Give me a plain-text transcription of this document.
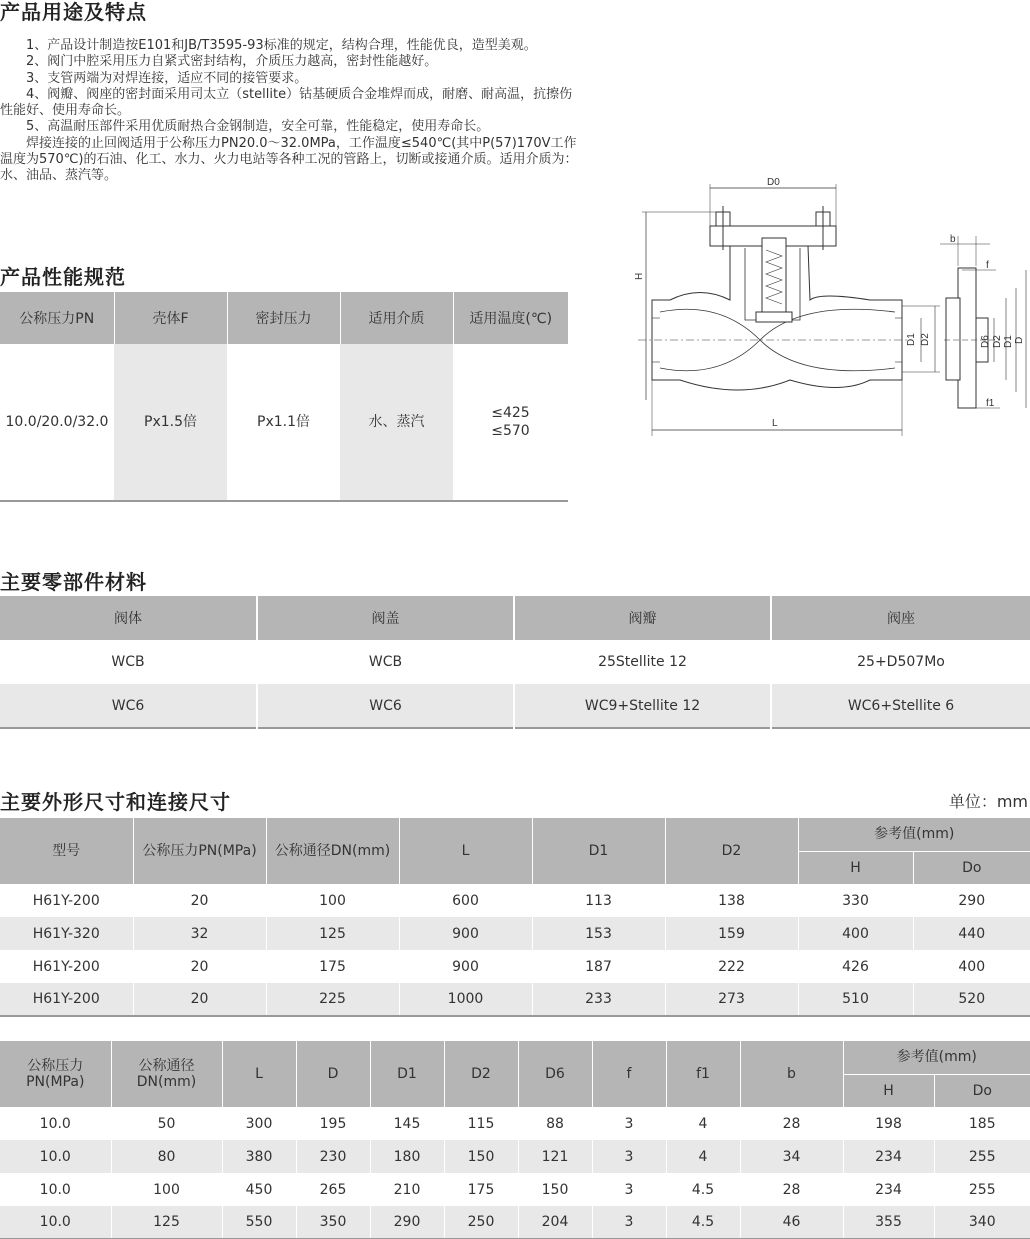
产品用途及特点

　　1、产品设计制造按E101和JB/T3595-93标准的规定，结构合理，性能优良，造型美观。

　　2、阀门中腔采用压力自紧式密封结构，介质压力越高，密封性能越好。

　　3、支管两端为对焊连接，适应不同的接管要求。

　　4、阀瓣、阀座的密封面采用司太立（stellite）钴基硬质合金堆焊而成，耐磨、耐高温，抗擦伤性能好、使用寿命长。

　　5、高温耐压部件采用优质耐热合金钢制造，安全可靠，性能稳定，使用寿命长。

　　焊接连接的止回阀适用于公称压力PN20.0～32.0MPa，工作温度≤540℃(其中P(57)170V工作温度为570℃)的石油、化工、水力、火力电站等各种工况的管路上，切断或接通介质。适用介质为：水、油品、蒸汽等。

产品性能规范
公称压力PN	壳体F	密封压力	适用介质	适用温度(℃)
10.0/20.0/32.0	Px1.5倍	Px1.1倍	水、蒸汽	≤425
≤570
D0
H
D1 D2
L
b
f
f1
D6 D2 D1 D
主要零部件材料
阀体	阀盖	阀瓣	阀座
WCB	WCB	25Stellite 12	25+D507Mo
WC6	WC6	WC9+Stellite 12	WC6+Stellite 6
主要外形尺寸和连接尺寸	单位：mm
型号	公称压力PN(MPa)	公称通径DN(mm)	L	D1	D2	参考值(mm)	
						H	Do
H61Y-200	20	100	600	113	138	330	290
H61Y-320	32	125	900	153	159	400	440
H61Y-200	20	175	900	187	222	426	400
H61Y-200	20	225	1000	233	273	510	520
公称压力PN(MPa)	公称通径DN(mm)	L	D	D1	D2	D6	f	f1	b	参考值(mm)	
										H	Do
10.0	50	300	195	145	115	88	3	4	28	198	185
10.0	80	380	230	180	150	121	3	4	34	234	255
10.0	100	450	265	210	175	150	3	4.5	28	234	255
10.0	125	550	350	290	250	204	3	4.5	46	355	340
